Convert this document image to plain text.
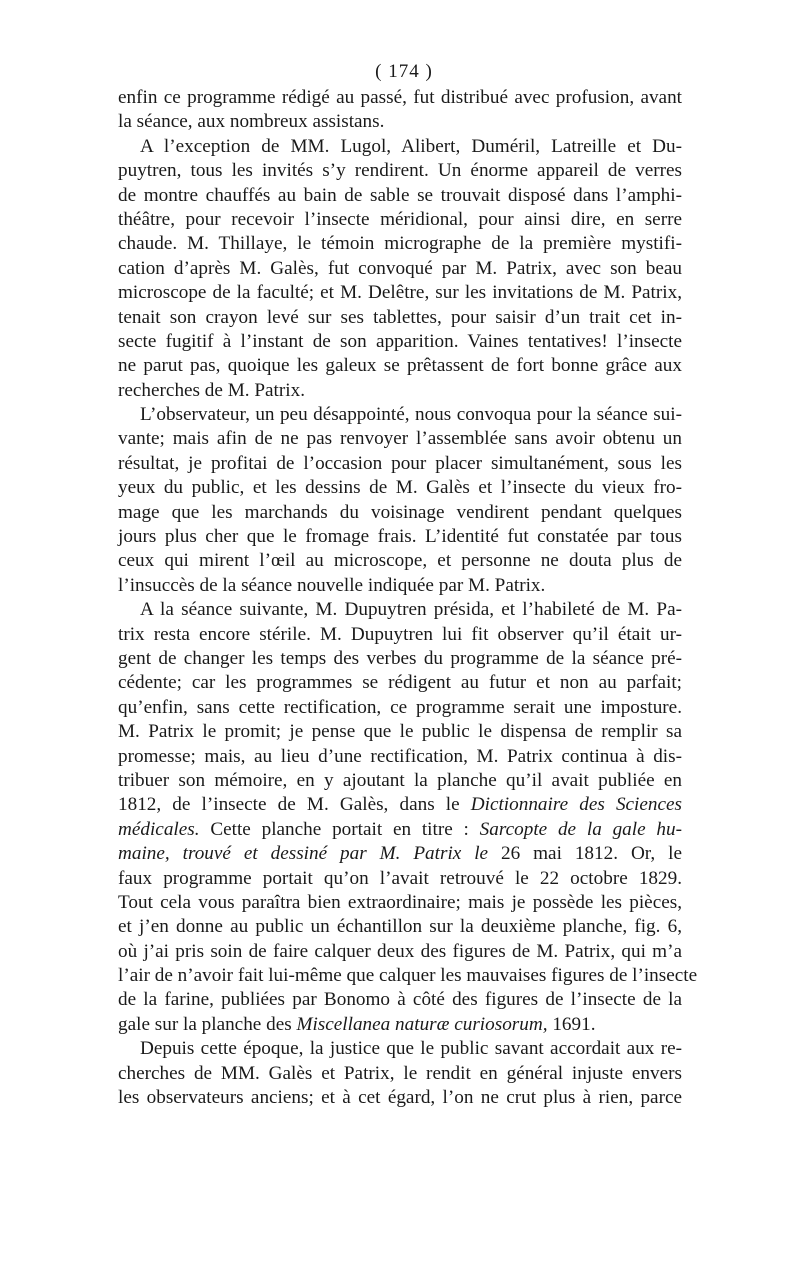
( 174 )
enfin ce programme rédigé au passé, fut distribué avec profusion, avant
la séance, aux nombreux assistans.
A l’exception de MM. Lugol, Alibert, Duméril, Latreille et Du-
puytren, tous les invités s’y rendirent. Un énorme appareil de verres
de montre chauffés au bain de sable se trouvait disposé dans l’amphi-
théâtre, pour recevoir l’insecte méridional, pour ainsi dire, en serre
chaude. M. Thillaye, le témoin micrographe de la première mystifi-
cation d’après M. Galès, fut convoqué par M. Patrix, avec son beau
microscope de la faculté; et M. Delêtre, sur les invitations de M. Patrix,
tenait son crayon levé sur ses tablettes, pour saisir d’un trait cet in-
secte fugitif à l’instant de son apparition. Vaines tentatives! l’insecte
ne parut pas, quoique les galeux se prêtassent de fort bonne grâce aux
recherches de M. Patrix.
L’observateur, un peu désappointé, nous convoqua pour la séance sui-
vante; mais afin de ne pas renvoyer l’assemblée sans avoir obtenu un
résultat, je profitai de l’occasion pour placer simultanément, sous les
yeux du public, et les dessins de M. Galès et l’insecte du vieux fro-
mage que les marchands du voisinage vendirent pendant quelques
jours plus cher que le fromage frais. L’identité fut constatée par tous
ceux qui mirent l’œil au microscope, et personne ne douta plus de
l’insuccès de la séance nouvelle indiquée par M. Patrix.
A la séance suivante, M. Dupuytren présida, et l’habileté de M. Pa-
trix resta encore stérile. M. Dupuytren lui fit observer qu’il était ur-
gent de changer les temps des verbes du programme de la séance pré-
cédente; car les programmes se rédigent au futur et non au parfait;
qu’enfin, sans cette rectification, ce programme serait une imposture.
M. Patrix le promit; je pense que le public le dispensa de remplir sa
promesse; mais, au lieu d’une rectification, M. Patrix continua à dis-
tribuer son mémoire, en y ajoutant la planche qu’il avait publiée en
1812, de l’insecte de M. Galès, dans le Dictionnaire des Sciences
médicales. Cette planche portait en titre : Sarcopte de la gale hu-
maine, trouvé et dessiné par M. Patrix le 26 mai 1812. Or, le
faux programme portait qu’on l’avait retrouvé le 22 octobre 1829.
Tout cela vous paraîtra bien extraordinaire; mais je possède les pièces,
et j’en donne au public un échantillon sur la deuxième planche, fig. 6,
où j’ai pris soin de faire calquer deux des figures de M. Patrix, qui m’a
l’air de n’avoir fait lui-même que calquer les mauvaises figures de l’insecte
de la farine, publiées par Bonomo à côté des figures de l’insecte de la
gale sur la planche des Miscellanea naturæ curiosorum, 1691.
Depuis cette époque, la justice que le public savant accordait aux re-
cherches de MM. Galès et Patrix, le rendit en général injuste envers
les observateurs anciens; et à cet égard, l’on ne crut plus à rien, parce
